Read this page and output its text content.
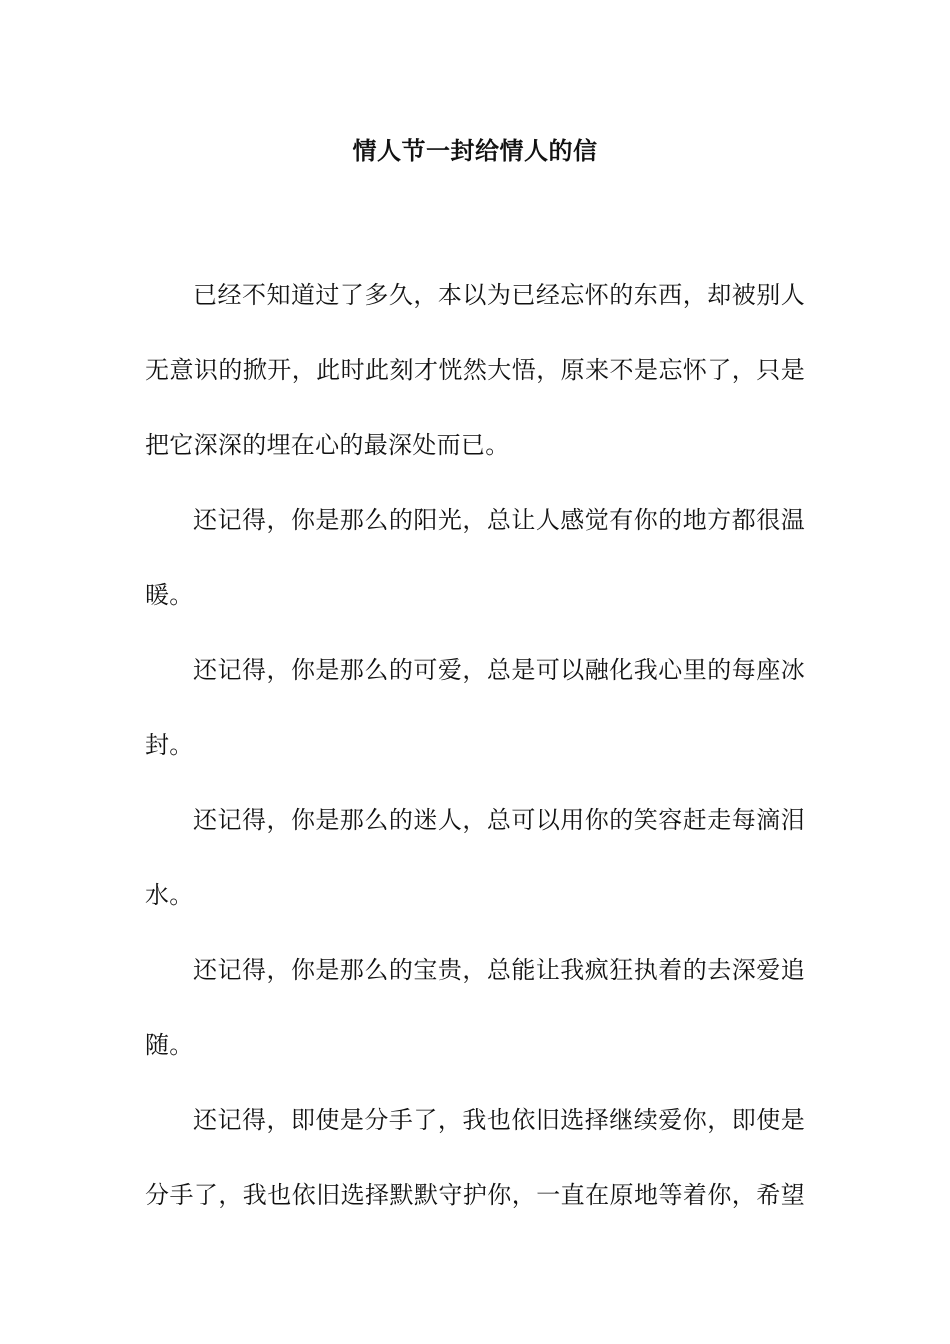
情人节一封给情人的信

已经不知道过了多久，本以为已经忘怀的东西，却被别人无意识的掀开，此时此刻才恍然大悟，原来不是忘怀了，只是把它深深的埋在心的最深处而已。

还记得，你是那么的阳光，总让人感觉有你的地方都很温暖。

还记得，你是那么的可爱，总是可以融化我心里的每座冰封。

还记得，你是那么的迷人，总可以用你的笑容赶走每滴泪水。

还记得，你是那么的宝贵，总能让我疯狂执着的去深爱追随。

还记得，即使是分手了，我也依旧选择继续爱你，即使是分手了，我也依旧选择默默守护你，一直在原地等着你，希望
